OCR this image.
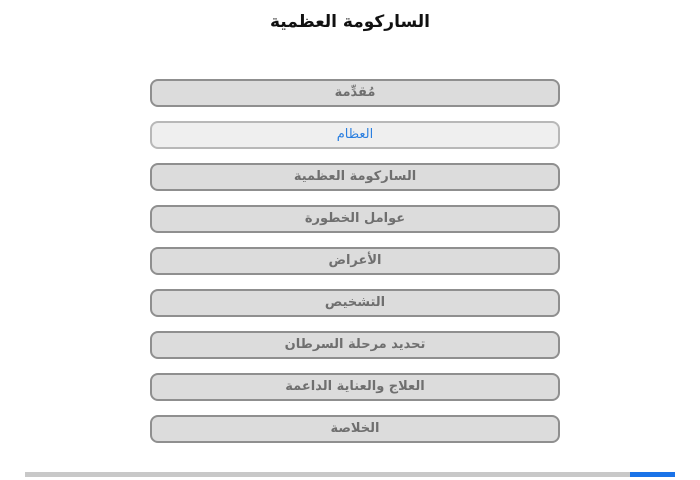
الساركومة العظمية
مُقدِّمة
العظام
الساركومة العظمية
عوامل الخطورة
الأعراض
التشخيص
تحديد مرحلة السرطان
العلاج والعناية الداعمة
الخلاصة
